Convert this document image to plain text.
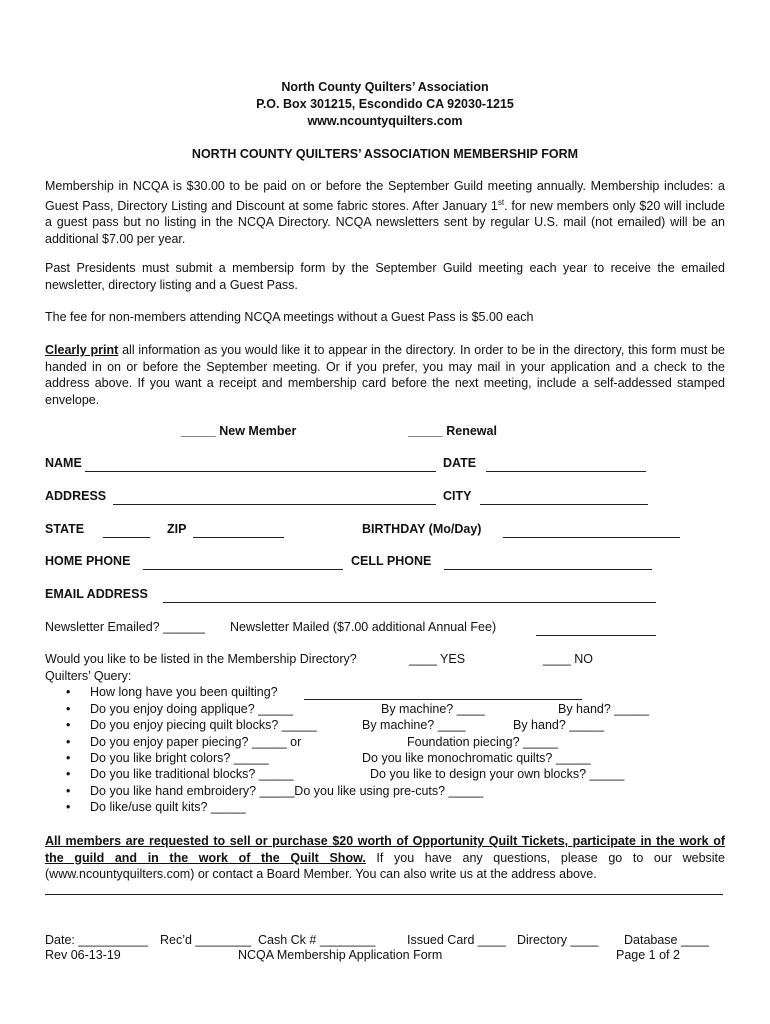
North County Quilters’ Association
P.O. Box 301215, Escondido CA 92030-1215
www.ncountyquilters.com
NORTH COUNTY QUILTERS’ ASSOCIATION MEMBERSHIP FORM
Membership in NCQA is $30.00 to be paid on or before the September Guild meeting annually. Membership includes: a Guest Pass, Directory Listing and Discount at some fabric stores. After January 1st. for new members only $20 will include a guest pass but no listing in the NCQA Directory. NCQA newsletters sent by regular U.S. mail (not emailed) will be an additional $7.00 per year.
Past Presidents must submit a membersip form by the September Guild meeting each year to receive the emailed newsletter, directory listing and a Guest Pass.
The fee for non-members attending NCQA meetings without a Guest Pass is $5.00 each
Clearly print all information as you would like it to appear in the directory. In order to be in the directory, this form must be handed in on or before the September meeting. Or if you prefer, you may mail in your application and a check to the address above. If you want a receipt and membership card before the next meeting, include a self-addessed stamped envelope.
_____ New Member	_____ Renewal
NAME	DATE
ADDRESS	CITY
STATE	ZIP	BIRTHDAY (Mo/Day)
HOME PHONE	CELL PHONE
EMAIL ADDRESS
Newsletter Emailed? ______ Newsletter Mailed ($7.00 additional Annual Fee)
Would you like to be listed in the Membership Directory?	____ YES	____ NO
Quilters’ Query:
• How long have you been quilting?
• Do you enjoy doing applique? _____	By machine? ____	By hand? _____
• Do you enjoy piecing quilt blocks? _____	By machine? ____	By hand? _____
• Do you enjoy paper piecing? _____ or	Foundation piecing? _____
• Do you like bright colors? _____	Do you like monochromatic quilts? _____
• Do you like traditional blocks? _____	Do you like to design your own blocks? _____
• Do you like hand embroidery? _____Do you like using pre-cuts? _____
• Do like/use quilt kits? _____
All members are requested to sell or purchase $20 worth of Opportunity Quilt Tickets, participate in the work of the guild and in the work of the Quilt Show. If you have any questions, please go to our website (www.ncountyquilters.com) or contact a Board Member. You can also write us at the address above.
Date: __________ Rec’d ________ Cash Ck # ________	Issued Card ____ Directory ____ Database ____
Rev 06-13-19	NCQA Membership Application Form	Page 1 of 2
